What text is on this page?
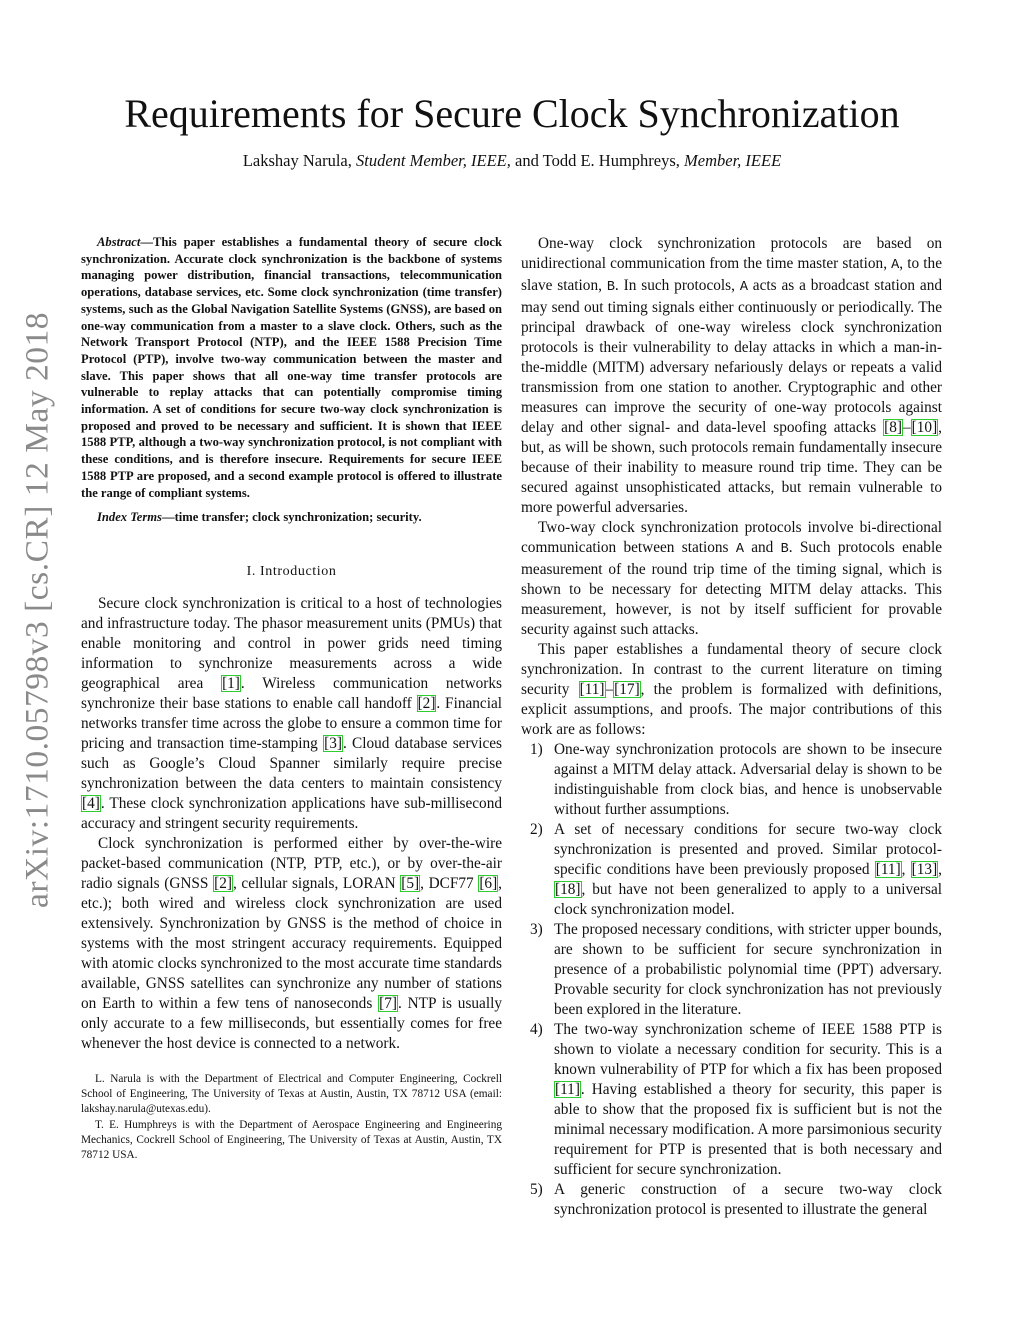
arXiv:1710.05798v3 [cs.CR] 12 May 2018
Requirements for Secure Clock Synchronization
Lakshay Narula, Student Member, IEEE, and Todd E. Humphreys, Member, IEEE

Abstract—This paper establishes a fundamental theory of secure clock synchronization. Accurate clock synchronization is the backbone of systems managing power distribution, financial transactions, telecommunication operations, database services, etc. Some clock synchronization (time transfer) systems, such as the Global Navigation Satellite Systems (GNSS), are based on one-way communication from a master to a slave clock. Others, such as the Network Transport Protocol (NTP), and the IEEE 1588 Precision Time Protocol (PTP), involve two-way communication between the master and slave. This paper shows that all one-way time transfer protocols are vulnerable to replay attacks that can potentially compromise timing information. A set of conditions for secure two-way clock synchronization is proposed and proved to be necessary and sufficient. It is shown that IEEE 1588 PTP, although a two-way synchronization protocol, is not compliant with these conditions, and is therefore insecure. Requirements for secure IEEE 1588 PTP are proposed, and a second example protocol is offered to illustrate the range of compliant systems.

Index Terms—time transfer; clock synchronization; security.

I. Introduction

Secure clock synchronization is critical to a host of technologies and infrastructure today. The phasor measurement units (PMUs) that enable monitoring and control in power grids need timing information to synchronize measurements across a wide geographical area [1]. Wireless communication networks synchronize their base stations to enable call handoff [2]. Financial networks transfer time across the globe to ensure a common time for pricing and transaction time-stamping [3]. Cloud database services such as Google’s Cloud Spanner similarly require precise synchronization between the data centers to maintain consistency [4]. These clock synchronization applications have sub-millisecond accuracy and stringent security requirements.

Clock synchronization is performed either by over-the-wire packet-based communication (NTP, PTP, etc.), or by over-the-air radio signals (GNSS [2], cellular signals, LORAN [5], DCF77 [6], etc.); both wired and wireless clock synchronization are used extensively. Synchronization by GNSS is the method of choice in systems with the most stringent accuracy requirements. Equipped with atomic clocks synchronized to the most accurate time standards available, GNSS satellites can synchronize any number of stations on Earth to within a few tens of nanoseconds [7]. NTP is usually only accurate to a few milliseconds, but essentially comes for free whenever the host device is connected to a network.

L. Narula is with the Department of Electrical and Computer Engineering, Cockrell School of Engineering, The University of Texas at Austin, Austin, TX 78712 USA (email: lakshay.narula@utexas.edu).

T. E. Humphreys is with the Department of Aerospace Engineering and Engineering Mechanics, Cockrell School of Engineering, The University of Texas at Austin, Austin, TX 78712 USA.

One-way clock synchronization protocols are based on unidirectional communication from the time master station, A, to the slave station, B. In such protocols, A acts as a broadcast station and may send out timing signals either continuously or periodically. The principal drawback of one-way wireless clock synchronization protocols is their vulnerability to delay attacks in which a man-in-the-middle (MITM) adversary nefariously delays or repeats a valid transmission from one station to another. Cryptographic and other measures can improve the security of one-way protocols against delay and other signal- and data-level spoofing attacks [8]–[10], but, as will be shown, such protocols remain fundamentally insecure because of their inability to measure round trip time. They can be secured against unsophisticated attacks, but remain vulnerable to more powerful adversaries.

Two-way clock synchronization protocols involve bi-directional communication between stations A and B. Such protocols enable measurement of the round trip time of the timing signal, which is shown to be necessary for detecting MITM delay attacks. This measurement, however, is not by itself sufficient for provable security against such attacks.

This paper establishes a fundamental theory of secure clock synchronization. In contrast to the current literature on timing security [11]–[17], the problem is formalized with definitions, explicit assumptions, and proofs. The major contributions of this work are as follows:

1) One-way synchronization protocols are shown to be insecure against a MITM delay attack. Adversarial delay is shown to be indistinguishable from clock bias, and hence is unobservable without further assumptions.
2) A set of necessary conditions for secure two-way clock synchronization is presented and proved. Similar protocol-specific conditions have been previously proposed [11], [13], [18], but have not been generalized to apply to a universal clock synchronization model.
3) The proposed necessary conditions, with stricter upper bounds, are shown to be sufficient for secure synchronization in presence of a probabilistic polynomial time (PPT) adversary. Provable security for clock synchronization has not previously been explored in the literature.
4) The two-way synchronization scheme of IEEE 1588 PTP is shown to violate a necessary condition for security. This is a known vulnerability of PTP for which a fix has been proposed [11]. Having established a theory for security, this paper is able to show that the proposed fix is sufficient but is not the minimal necessary modification. A more parsimonious security requirement for PTP is presented that is both necessary and sufficient for secure synchronization.
5) A generic construction of a secure two-way clock synchronization protocol is presented to illustrate the general
